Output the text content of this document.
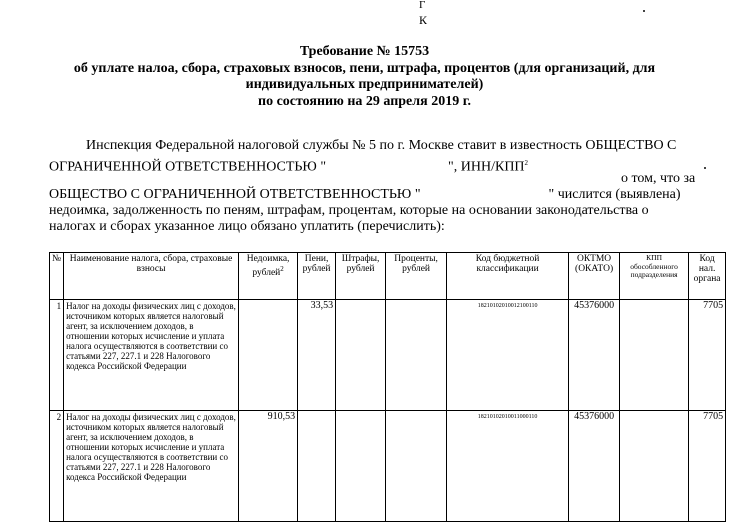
Г
К
Требование № 15753
об уплате налоа, сбора, страховых взносов, пени, штрафа, процентов (для организаций, для
индивидуальных предпринимателей)
по состоянию на 29 апреля 2019 г.
Инспекция Федеральной налоговой службы № 5 по г. Москве ставит в известность ОБЩЕСТВО С
ОГРАНИЧЕННОЙ ОТВЕТСТВЕННОСТЬЮ "	", ИНН/КПП$^2$
о том, что за
ОБЩЕСТВО С ОГРАНИЧЕННОЙ ОТВЕТСТВЕННОСТЬЮ "	" числится (выявлена)
недоимка, задолженность по пеням, штрафам, процентам, которые на основании законодательства о
налогах и сборах указанное лицо обязано уплатить (перечислить):
№	Наименование налога, сбора, страховые взносы	Недоимка, рублей$^2$	Пени, рублей	Штрафы, рублей	Проценты, рублей	Код бюджетной классификации	ОКТМО (ОКАТО)	КПП обособленного подразделения	Код нал. органа
1	Налог на доходы физических лиц с доходов, источником которых является налоговый агент, за исключением доходов, в отношении которых исчисление и уплата налога осуществляются в соответствии со статьями 227, 227.1 и 228 Налогового кодекса Российской Федерации		33,53			18210102010012100110	45376000		7705
2	Налог на доходы физических лиц с доходов, источником которых является налоговый агент, за исключением доходов, в отношении которых исчисление и уплата налога осуществляются в соответствии со статьями 227, 227.1 и 228 Налогового кодекса Российской Федерации	910,53				18210102010011000110	45376000		7705
